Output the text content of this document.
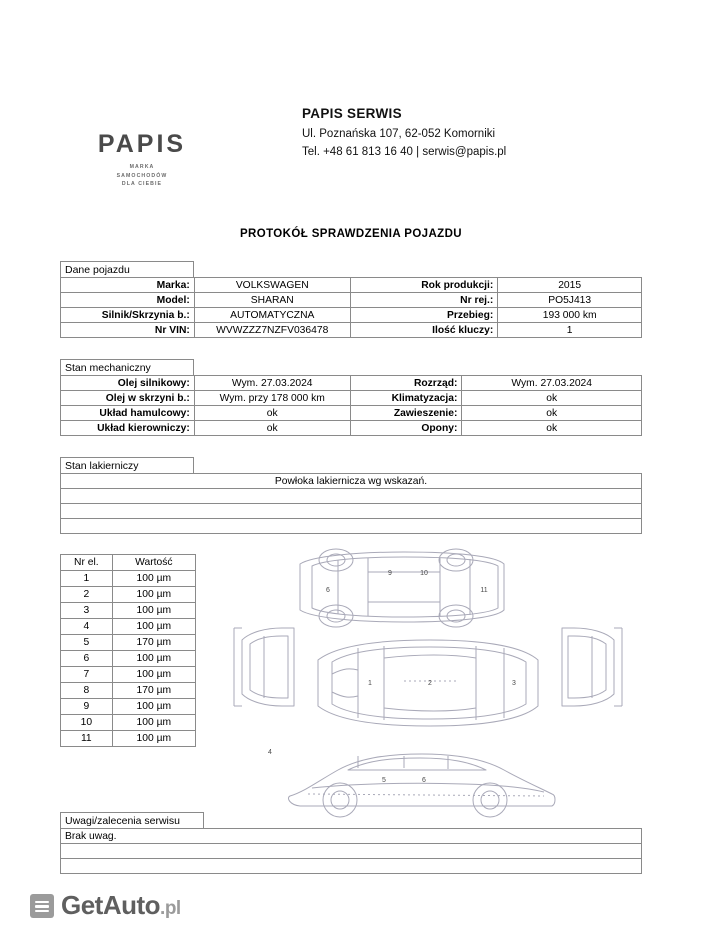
PAPIS
MARKA
SAMOCHODÓW
DLA CIEBIE
PAPIS SERWIS
Ul. Poznańska 107, 62-052 Komorniki
Tel. +48 61 813 16 40 | serwis@papis.pl
PROTOKÓŁ SPRAWDZENIA POJAZDU
Dane pojazdu
Marka:	VOLKSWAGEN	Rok produkcji:	2015
Model:	SHARAN	Nr rej.:	PO5J413
Silnik/Skrzynia b.:	AUTOMATYCZNA	Przebieg:	193 000 km
Nr VIN:	WVWZZZ7NZFV036478	Ilość kluczy:	1
Stan mechaniczny
Olej silnikowy:	Wym. 27.03.2024	Rozrząd:	Wym. 27.03.2024
Olej w skrzyni b.:	Wym. przy 178 000 km	Klimatyzacja:	ok
Układ hamulcowy:	ok	Zawieszenie:	ok
Układ kierowniczy:	ok	Opony:	ok
Stan lakierniczy
Powłoka lakiernicza wg wskazań.

Nr el.	Wartość
1	100 µm
2	100 µm
3	100 µm
4	100 µm
5	170 µm
6	100 µm
7	100 µm
8	170 µm
9	100 µm
10	100 µm
11	100 µm
9	10
6	11
1	2	3
5	6
4
Uwagi/zalecenia serwisu
Brak uwag.

GetAuto.pl
